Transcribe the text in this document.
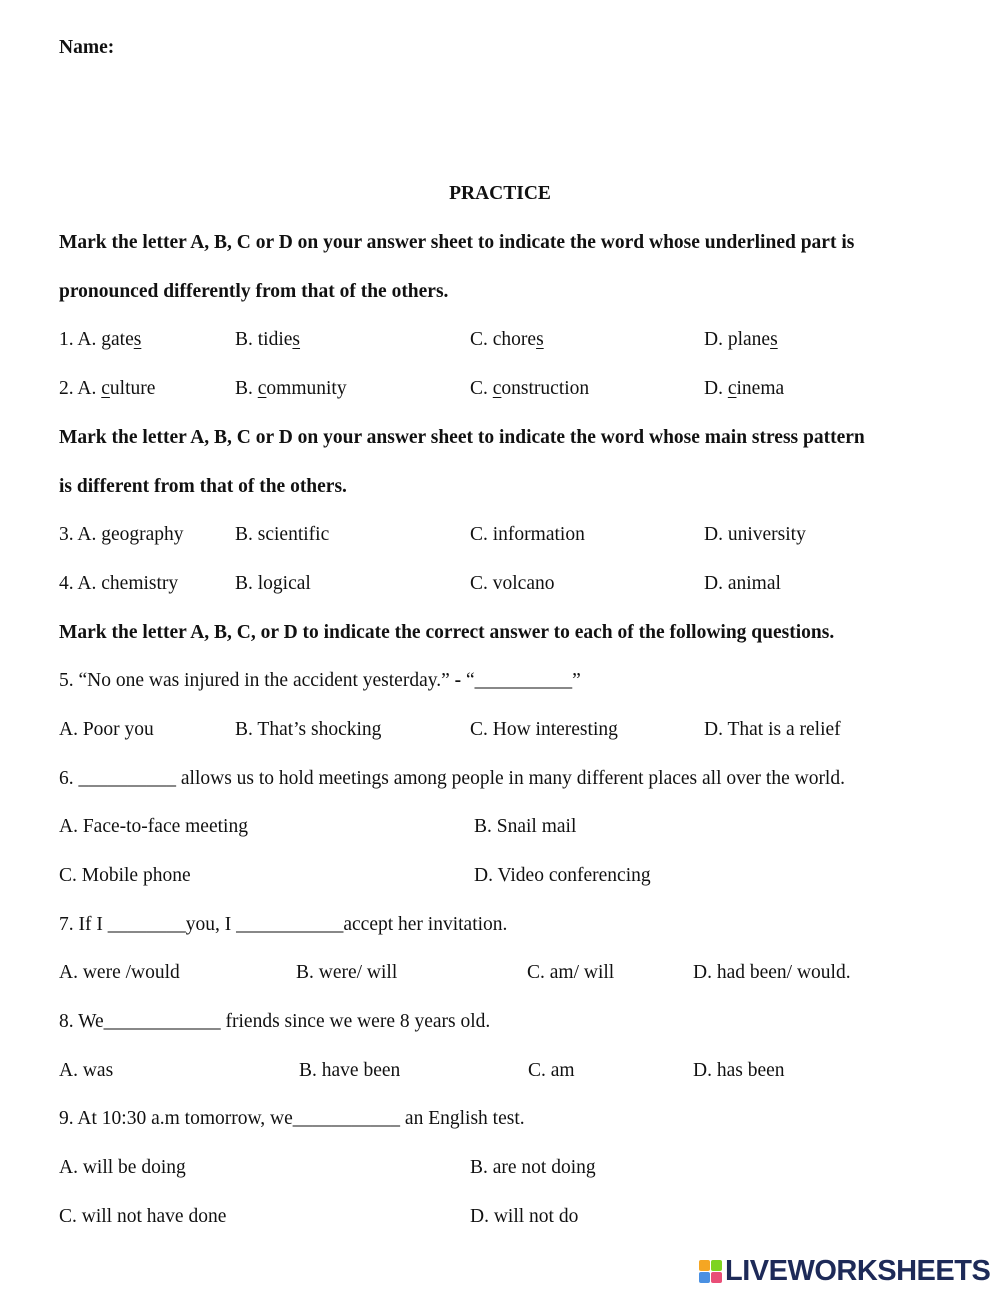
Name:
PRACTICE
Mark the letter A, B, C or D on your answer sheet to indicate the word whose underlined part is
pronounced differently from that of the others.
1. A. gates	B. tidies	C. chores	D. planes
2. A. culture	B. community	C. construction	D. cinema
Mark the letter A, B, C or D on your answer sheet to indicate the word whose main stress pattern
is different from that of the others.
3. A. geography	B. scientific	C. information	D. university
4. A. chemistry	B. logical	C. volcano	D. animal
Mark the letter A, B, C, or D to indicate the correct answer to each of the following questions.
5. “No one was injured in the accident yesterday.” - “__________”
A. Poor you	B. That’s shocking	C. How interesting	D. That is a relief
6. __________ allows us to hold meetings among people in many different places all over the world.
A. Face-to-face meeting	B. Snail mail
C. Mobile phone	D. Video conferencing
7. If I ________you, I ___________accept her invitation.
A. were /would	B. were/ will	C. am/ will	D. had been/ would.
8. We____________ friends since we were 8 years old.
A. was	B. have been	C. am	D. has been
9. At 10:30 a.m tomorrow, we___________ an English test.
A. will be doing	B. are not doing
C. will not have done	D. will not do
LIVEWORKSHEETS
